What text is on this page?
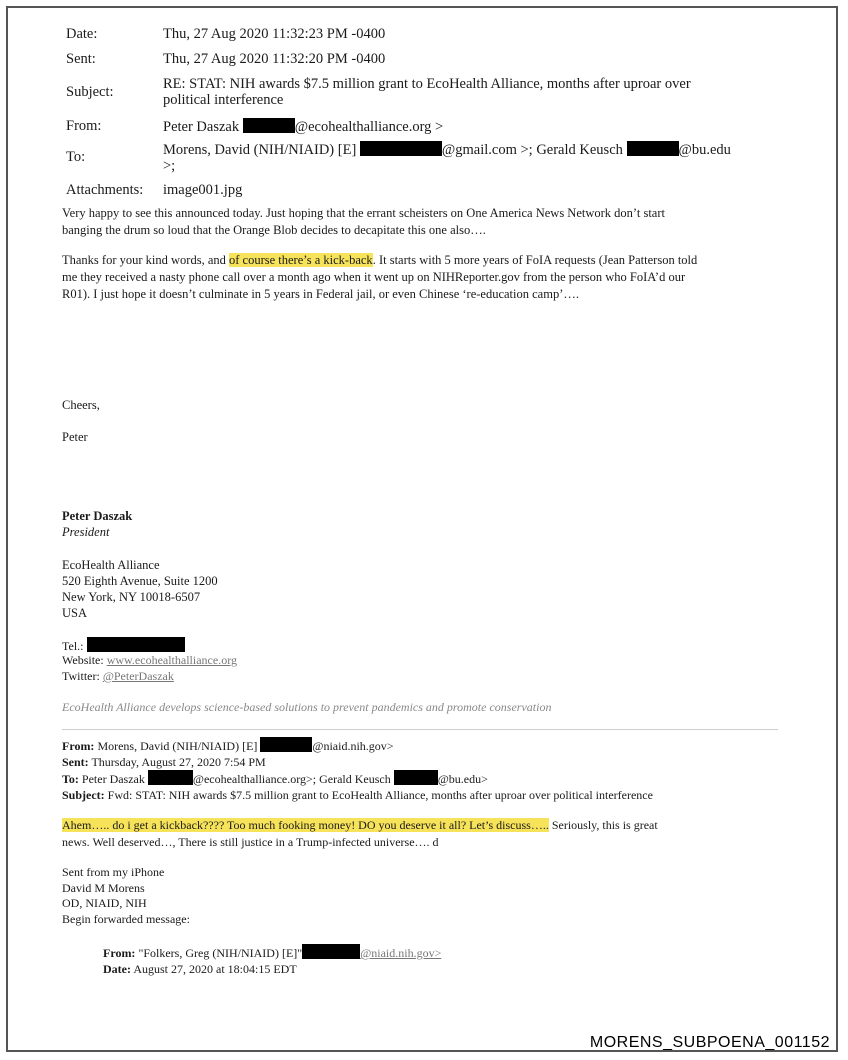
Date:	Thu, 27 Aug 2020 11:32:23 PM -0400
Sent:	Thu, 27 Aug 2020 11:32:20 PM -0400
Subject:	RE: STAT: NIH awards $7.5 million grant to EcoHealth Alliance, months after uproar over
political interference
From:	Peter Daszak	@ecohealthalliance.org >
To:	Morens, David (NIH/NIAID) [E]	@gmail.com >; Gerald Keusch	@bu.edu
>;
Attachments: image001.jpg
Very happy to see this announced today. Just hoping that the errant scheisters on One America News Network don’t start
banging the drum so loud that the Orange Blob decides to decapitate this one also….
Thanks for your kind words, and of course there’s a kick-back. It starts with 5 more years of FoIA requests (Jean Patterson told
me they received a nasty phone call over a month ago when it went up on NIHReporter.gov from the person who FoIA’d our
R01). I just hope it doesn’t culminate in 5 years in Federal jail, or even Chinese ‘re-education camp’….
Cheers,
Peter
Peter Daszak
President
EcoHealth Alliance
520 Eighth Avenue, Suite 1200
New York, NY 10018-6507
USA
Tel.:
Website: www.ecohealthalliance.org
Twitter: @PeterDaszak
EcoHealth Alliance develops science-based solutions to prevent pandemics and promote conservation
From: Morens, David (NIH/NIAID) [E]	@niaid.nih.gov>
Sent: Thursday, August 27, 2020 7:54 PM
To: Peter Daszak	@ecohealthalliance.org>; Gerald Keusch	@bu.edu>
Subject: Fwd: STAT: NIH awards $7.5 million grant to EcoHealth Alliance, months after uproar over political interference
Ahem….. do i get a kickback???? Too much fooking money! DO you deserve it all? Let’s discuss….. Seriously, this is great
news. Well deserved…, There is still justice in a Trump-infected universe…. d
Sent from my iPhone
David M Morens
OD, NIAID, NIH
Begin forwarded message:
From: "Folkers, Greg (NIH/NIAID) [E]"	@niaid.nih.gov>
Date: August 27, 2020 at 18:04:15 EDT
MORENS_SUBPOENA_001152
